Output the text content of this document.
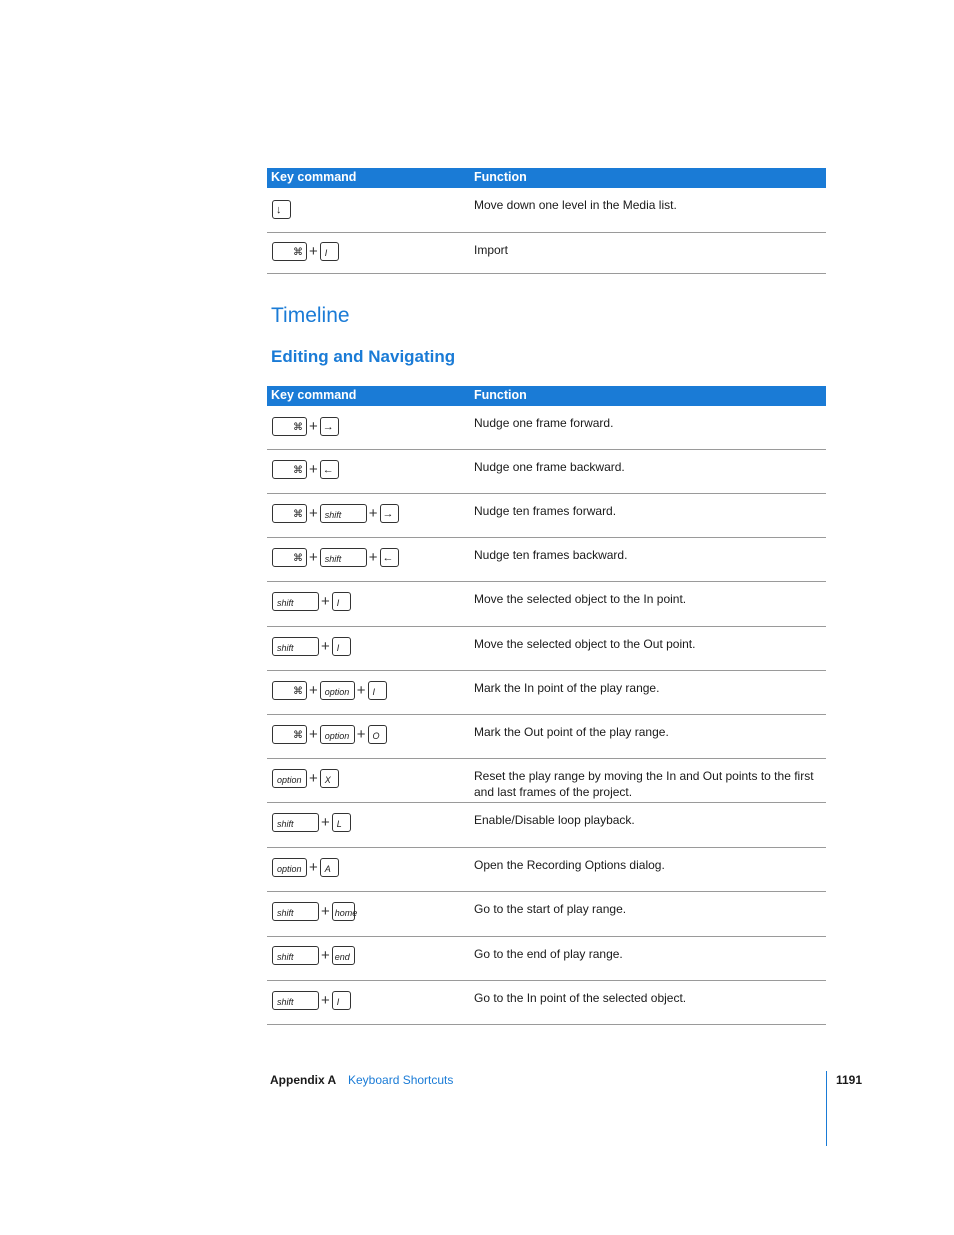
Key command	Function
↓	Move down one level in the Media list.
⌘ + I	Import
Timeline
Editing and Navigating
Key command	Function
⌘ + →	Nudge one frame forward.
⌘ + ←	Nudge one frame backward.
⌘ + shift + →	Nudge ten frames forward.
⌘ + shift + ←	Nudge ten frames backward.
shift + I	Move the selected object to the In point.
shift + I	Move the selected object to the Out point.
⌘ + option + I	Mark the In point of the play range.
⌘ + option + O	Mark the Out point of the play range.
option + X	Reset the play range by moving the In and Out points to the first and last frames of the project.
shift + L	Enable/Disable loop playback.
option + A	Open the Recording Options dialog.
shift + home	Go to the start of play range.
shift + end	Go to the end of play range.
shift + I	Go to the In point of the selected object.
Appendix A Keyboard Shortcuts	1191
